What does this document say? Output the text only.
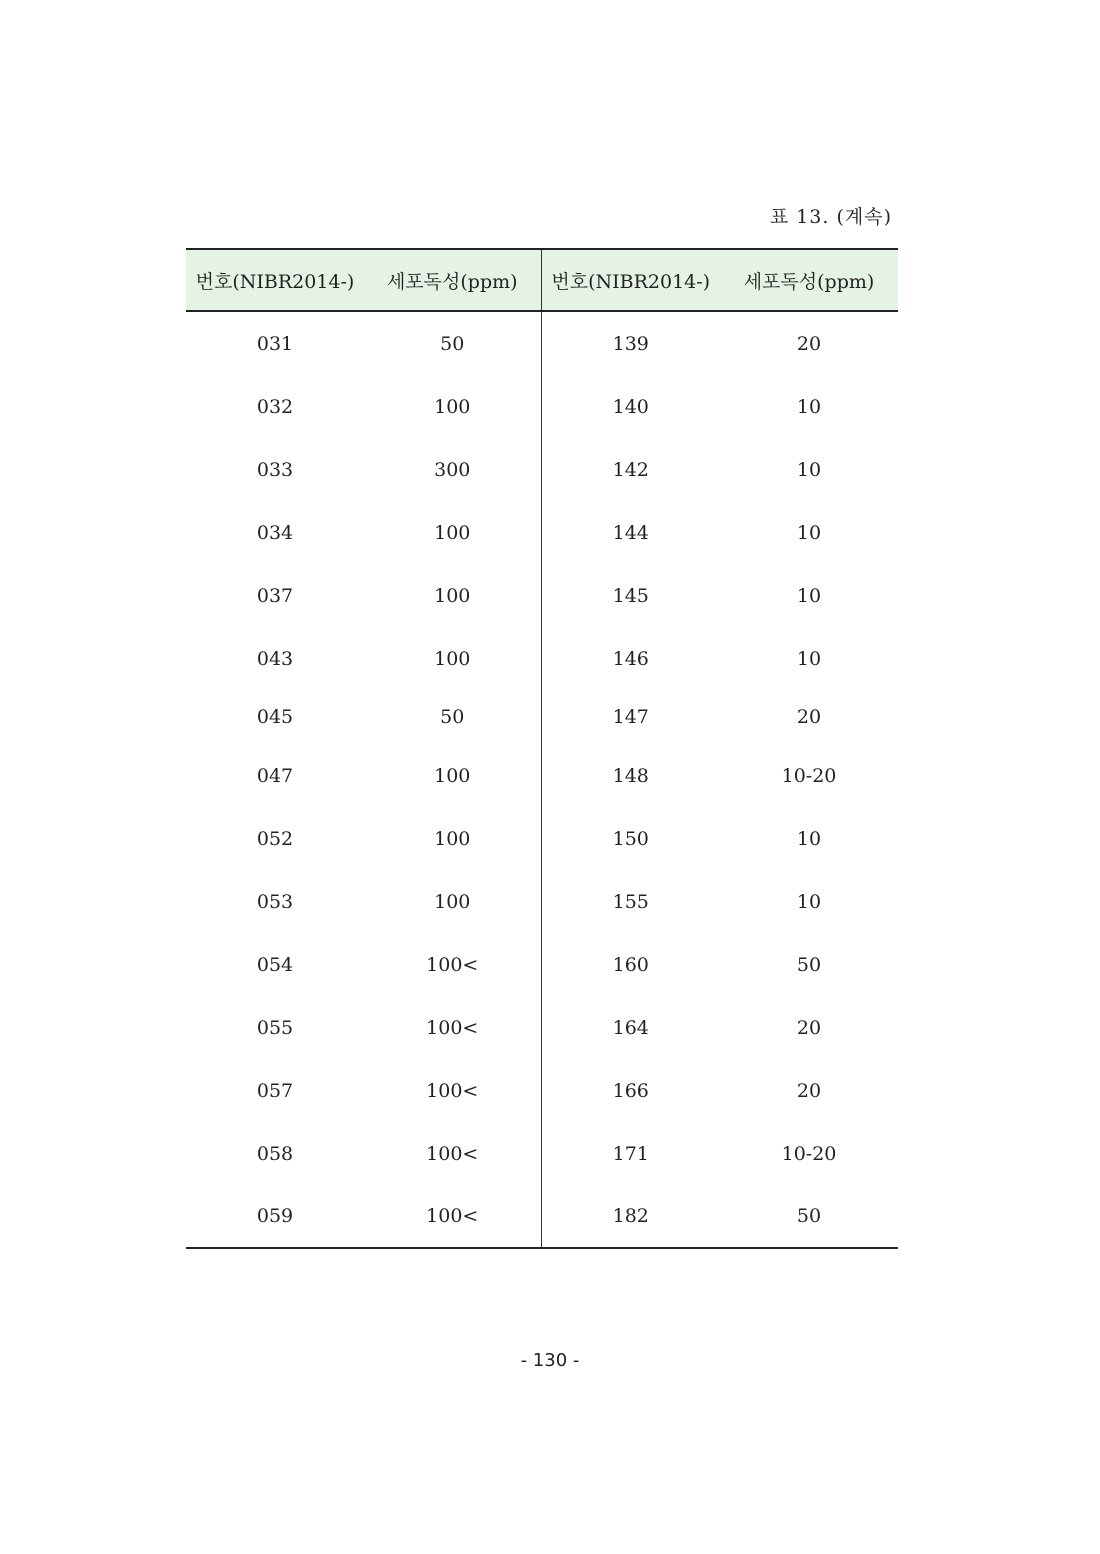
표 13. (계속)
번호(NIBR2014-)	세포독성(ppm)	번호(NIBR2014-)	세포독성(ppm)
031	50	139	20
032	100	140	10
033	300	142	10
034	100	144	10
037	100	145	10
043	100	146	10
045	50	147	20
047	100	148	10-20
052	100	150	10
053	100	155	10
054	100<	160	50
055	100<	164	20
057	100<	166	20
058	100<	171	10-20
059	100<	182	50
- 130 -
